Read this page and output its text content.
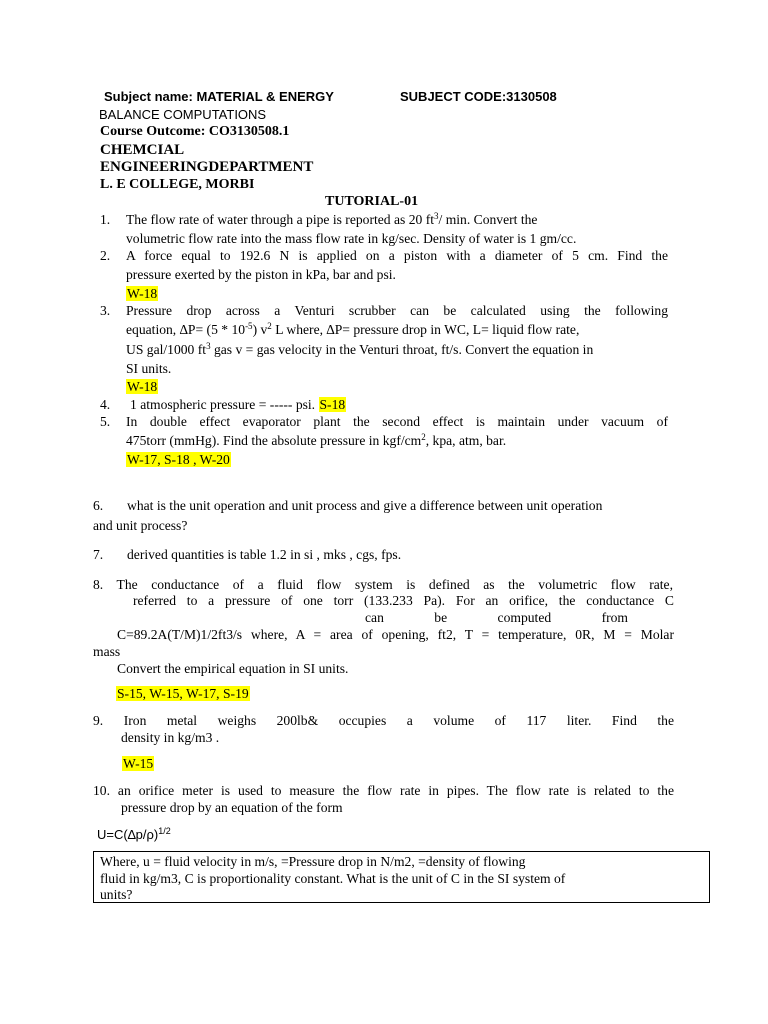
Subject name: MATERIAL & ENERGY	SUBJECT CODE:3130508
BALANCE COMPUTATIONS
Course Outcome: CO3130508.1
CHEMCIAL
ENGINEERINGDEPARTMENT
L. E COLLEGE, MORBI
TUTORIAL-01
1. The flow rate of water through a pipe is reported as 20 $ft^3/$ min. Convert the
volumetric flow rate into the mass flow rate in kg/sec. Density of water is 1 gm/cc.
2. A force equal to 192.6 N is applied on a piston with a diameter of 5 cm. Find the
pressure exerted by the piston in kPa, bar and psi.
W-18
3. Pressure drop across a Venturi scrubber can be calculated using the following
equation, $\Delta P= (5 * 10^{-5})$ $v^2$ L where, ∆P= pressure drop in WC, L= liquid flow rate,
US gal/1000 $ft^3$ gas v = gas velocity in the Venturi throat, ft/s. Convert the equation in
SI units.
W-18
4. 1 atmospheric pressure = ----- psi. S-18
5. In double effect evaporator plant the second effect is maintain under vacuum of
475torr (mmHg). Find the absolute pressure in kgf/$cm^2$, kpa, atm, bar.
W-17, S-18 , W-20
6. what is the unit operation and unit process and give a difference between unit operation
and unit process?
7. derived quantities is table 1.2 in si , mks , cgs, fps.
8. The conductance of a fluid flow system is defined as the volumetric flow rate,
referred to a pressure of one torr (133.233 Pa). For an orifice, the conductance C
can be computed from
C=89.2A(T/M)1/2ft3/s where, A = area of opening, ft2, T = temperature, 0R, M = Molar
mass
Convert the empirical equation in SI units.
S-15, W-15, W-17, S-19
9. Iron metal weighs 200lb& occupies a volume of 117 liter. Find the
density in kg/m3 .
W-15
10. an orifice meter is used to measure the flow rate in pipes. The flow rate is related to the
pressure drop by an equation of the form
$U=C(\Delta p/\rho)^{1/2}$
Where, u = fluid velocity in m/s, =Pressure drop in N/m2, =density of flowing
fluid in kg/m3, C is proportionality constant. What is the unit of C in the SI system of
units?
